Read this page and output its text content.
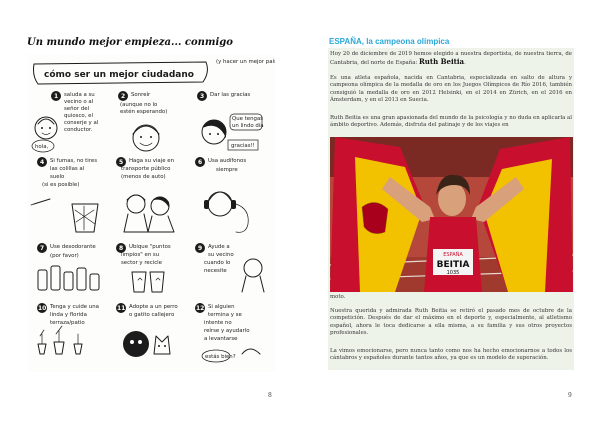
Un mundo mejor empieza... conmigo
cómo ser un mejor ciudadano
(y hacer un mejor país)
1 saluda a su
vecino o al
señor del
quiosco, el
conserje y al
conductor.
hola,
2 Sonreír
(aunque no lo
estén esperando)
3 Dar las gracias
Que tengas
un lindo día
gracias!!
4 Si fumas, no tires
las colillas al
suelo
(si es posible)
5 Haga su viaje en
transporte público
(menos de auto)
6 Usa audífonos
siempre
7 Use desodorante
(por favor)
8 Ubique "puntos
limpios" en su
sector y recicle
9 Ayude a
su vecino
cuando lo
necesite
10 Tenga y cuide una
linda y florida
terraza/patio
11 Adopte a un perro
o gatito callejero
12 Si alguien
termina y se
intente no
reírse y ayudarlo
a levantarse
estás bien?
8
ESPAÑA, la campeona olímpica

Hoy 20 de diciembre de 2019 hemos elegido a nuestra deportista, de nuestra tierra, de Cantabria, del norte de España: Ruth Beitia.

Es una atleta española, nacida en Cantabria, especializada en salto de altura y campeona olímpica de la medalla de oro en los Juegos Olímpicos de Río 2016, también consiguió la medalla de oro en 2012 Helsinki, en el 2014 en Zürich, en el 2016 en Ámsterdam, y en el 2013 en Suecia.

Ruth Beitia es una gran apasionada del mundo de la psicología y no duda en aplicarla al ámbito deportivo. Además, disfruta del patinaje y de los viajes en

ESPAÑA
BEITIA
1035

moto.

Nuestra querida y admirada Ruth Beitia se retiró el pasado mes de octubre de la competición. Después de dar el máximo en el deporte y, especialmente, al atletismo español, ahora le toca dedicarse a ella misma, a su familia y sus otros proyectos profesionales.

La vimos emocionarse, pero nunca tanto como nos ha hecho emocionarnos a todos los cántabros y españoles durante tantos años, ya que es un modelo de superación.

9
